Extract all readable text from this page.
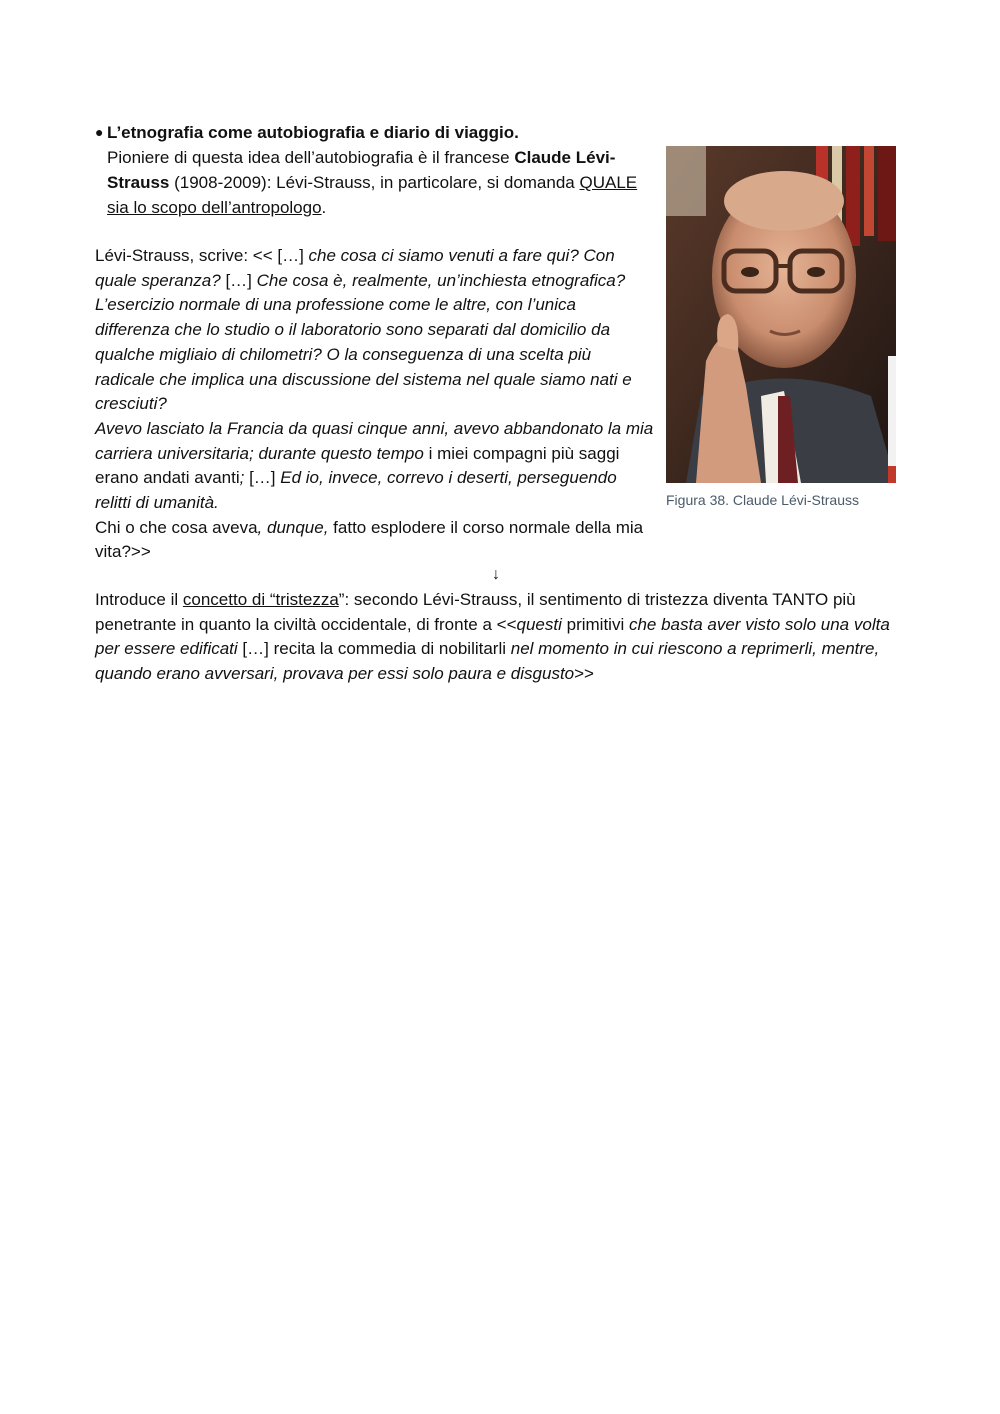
● L’etnografia come autobiografia e diario di viaggio.
Pioniere di questa idea dell’autobiografia è il francese Claude Lévi-Strauss (1908-2009): Lévi-Strauss, in particolare, si domanda QUALE sia lo scopo dell’antropologo.
Lévi-Strauss, scrive: << […] che cosa ci siamo venuti a fare qui? Con quale speranza? […] Che cosa è, realmente, un’inchiesta etnografica? L’esercizio normale di una professione come le altre, con l’unica differenza che lo studio o il laboratorio sono separati dal domicilio da qualche migliaio di chilometri? O la conseguenza di una scelta più radicale che implica una discussione del sistema nel quale siamo nati e cresciuti?
Avevo lasciato la Francia da quasi cinque anni, avevo abbandonato la mia carriera universitaria; durante questo tempo i miei compagni più saggi erano andati avanti; […] Ed io, invece, correvo i deserti, perseguendo relitti di umanità.
Chi o che cosa aveva, dunque, fatto esplodere il corso normale della mia vita?>>
Figura 38. Claude Lévi-Strauss
↓
Introduce il concetto di “tristezza”: secondo Lévi-Strauss, il sentimento di tristezza diventa TANTO più penetrante in quanto la civiltà occidentale, di fronte a <<questi primitivi che basta aver visto solo una volta per essere edificati […] recita la commedia di nobilitarli nel momento in cui riescono a reprimerli, mentre, quando erano avversari, provava per essi solo paura e disgusto>>
